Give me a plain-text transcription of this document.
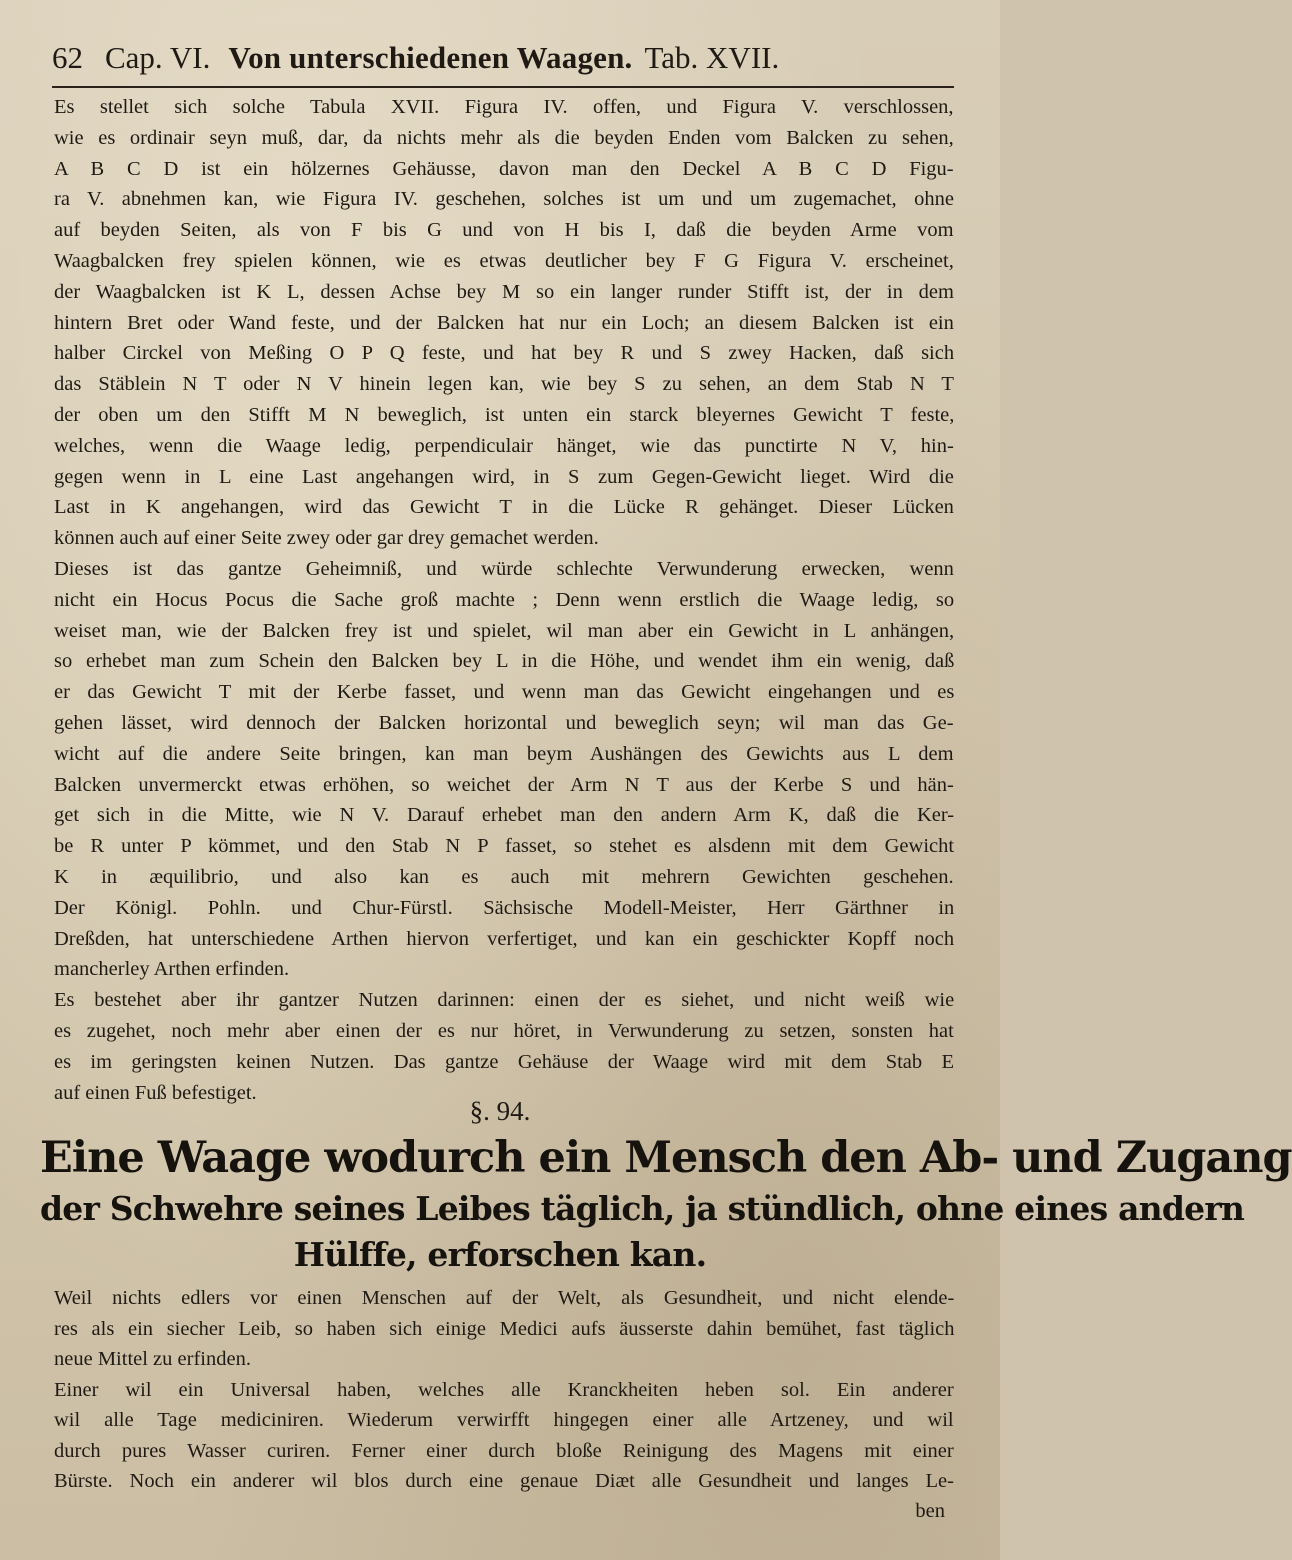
62 Cap. VI. Von unterschiedenen Waagen. Tab. XVII.
Es stellet sich solche Tabula XVII. Figura IV. offen, und Figura V. verschlossen,
wie es ordinair seyn muß, dar, da nichts mehr als die beyden Enden vom Balcken zu sehen,
A B C D ist ein hölzernes Gehäusse, davon man den Deckel A B C D Figu-
ra V. abnehmen kan, wie Figura IV. geschehen, solches ist um und um zugemachet, ohne
auf beyden Seiten, als von F bis G und von H bis I, daß die beyden Arme vom
Waagbalcken frey spielen können, wie es etwas deutlicher bey F G Figura V. erscheinet,
der Waagbalcken ist K L, dessen Achse bey M so ein langer runder Stifft ist, der in dem
hintern Bret oder Wand feste, und der Balcken hat nur ein Loch; an diesem Balcken ist ein
halber Circkel von Meßing O P Q feste, und hat bey R und S zwey Hacken, daß sich
das Stäblein N T oder N V hinein legen kan, wie bey S zu sehen, an dem Stab N T
der oben um den Stifft M N beweglich, ist unten ein starck bleyernes Gewicht T feste,
welches, wenn die Waage ledig, perpendiculair hänget, wie das punctirte N V, hin-
gegen wenn in L eine Last angehangen wird, in S zum Gegen-Gewicht lieget. Wird die
Last in K angehangen, wird das Gewicht T in die Lücke R gehänget. Dieser Lücken
können auch auf einer Seite zwey oder gar drey gemachet werden.
Dieses ist das gantze Geheimniß, und würde schlechte Verwunderung erwecken, wenn
nicht ein Hocus Pocus die Sache groß machte ; Denn wenn erstlich die Waage ledig, so
weiset man, wie der Balcken frey ist und spielet, wil man aber ein Gewicht in L anhängen,
so erhebet man zum Schein den Balcken bey L in die Höhe, und wendet ihm ein wenig, daß
er das Gewicht T mit der Kerbe fasset, und wenn man das Gewicht eingehangen und es
gehen lässet, wird dennoch der Balcken horizontal und beweglich seyn; wil man das Ge-
wicht auf die andere Seite bringen, kan man beym Aushängen des Gewichts aus L dem
Balcken unvermerckt etwas erhöhen, so weichet der Arm N T aus der Kerbe S und hän-
get sich in die Mitte, wie N V. Darauf erhebet man den andern Arm K, daß die Ker-
be R unter P kömmet, und den Stab N P fasset, so stehet es alsdenn mit dem Gewicht
K in æquilibrio, und also kan es auch mit mehrern Gewichten geschehen.
Der Königl. Pohln. und Chur-Fürstl. Sächsische Modell-Meister, Herr Gärthner in
Dreßden, hat unterschiedene Arthen hiervon verfertiget, und kan ein geschickter Kopff noch
mancherley Arthen erfinden.
Es bestehet aber ihr gantzer Nutzen darinnen: einen der es siehet, und nicht weiß wie
es zugehet, noch mehr aber einen der es nur höret, in Verwunderung zu setzen, sonsten hat
es im geringsten keinen Nutzen. Das gantze Gehäuse der Waage wird mit dem Stab E
auf einen Fuß befestiget.
§. 94.
Eine Waage wodurch ein Mensch den Ab- und Zugang
der Schwehre seines Leibes täglich, ja stündlich, ohne eines andern
Hülffe, erforschen kan.
Weil nichts edlers vor einen Menschen auf der Welt, als Gesundheit, und nicht elende-
res als ein siecher Leib, so haben sich einige Medici aufs äusserste dahin bemühet, fast täglich
neue Mittel zu erfinden.
Einer wil ein Universal haben, welches alle Kranckheiten heben sol. Ein anderer
wil alle Tage mediciniren. Wiederum verwirfft hingegen einer alle Artzeney, und wil
durch pures Wasser curiren. Ferner einer durch bloße Reinigung des Magens mit einer
Bürste. Noch ein anderer wil blos durch eine genaue Diæt alle Gesundheit und langes Le-
ben
